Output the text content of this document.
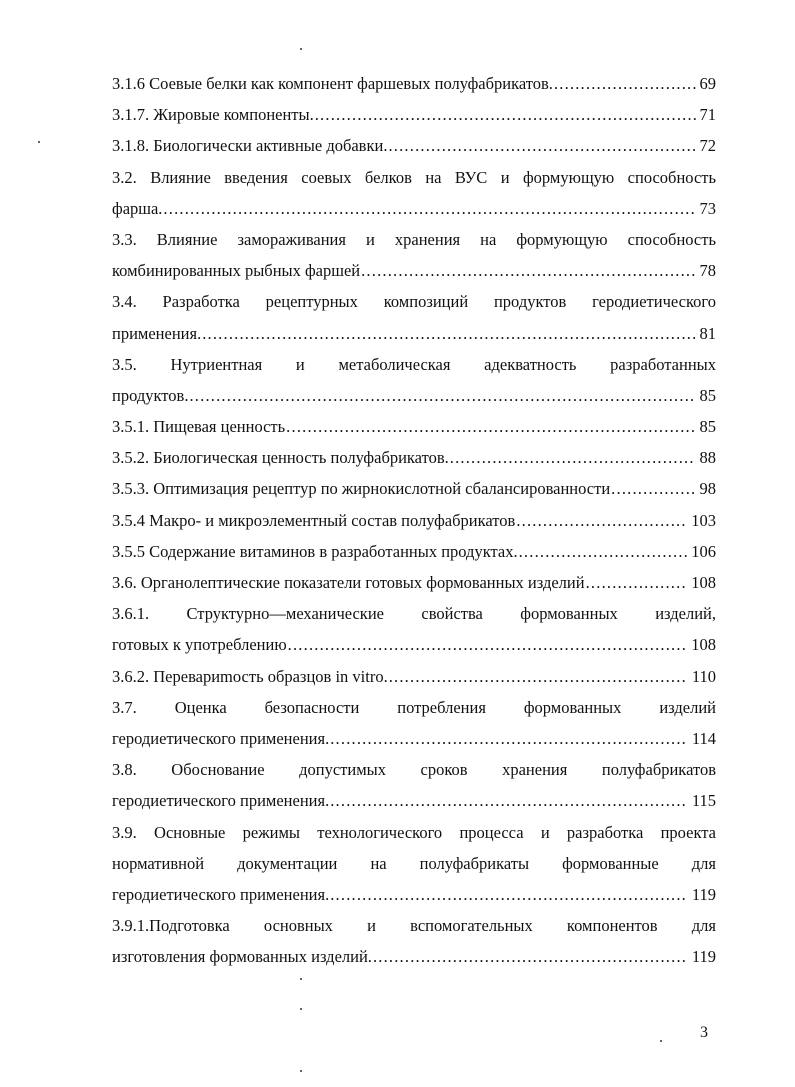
3.1.6 Соевые белки как компонент фаршевых полуфабрикатов. .....	69
3.1.7. Жировые компоненты. .....	71
3.1.8. Биологически активные добавки. .....	72
3.2. Влияние введения соевых белков на ВУС и формующую способность
фарша. .....	73
3.3. Влияние замораживания и хранения на формующую способность
комбинированных рыбных фаршей .....	78
3.4. Разработка рецептурных композиций продуктов геродиетического
применения. .....	81
3.5. Нутриентная и метаболическая адекватность разработанных
продуктов. .....	85
3.5.1. Пищевая ценность .....	85
3.5.2. Биологическая ценность полуфабрикатов. .....	88
3.5.3. Оптимизация рецептур по жирнокислотной сбалансированности .....	98
3.5.4 Макро- и микроэлементный состав полуфабрикатов .....	103
3.5.5 Содержание витаминов в разработанных продуктах. .....	106
3.6. Органолептические показатели готовых формованных изделий .....	108
3.6.1. Структурно—механические свойства формованных изделий,
готовых к употреблению .....	108
3.6.2. Перевариmость образцов in vitro. .....	110
3.7. Оценка безопасности потребления формованных изделий
геродиетического применения. .....	114
3.8. Обоснование допустимых сроков хранения полуфабрикатов
геродиетического применения. .....	115
3.9. Основные режимы технологического процесса и разработка проекта
нормативной документации на полуфабрикаты формованные для
геродиетического применения. .....	119
3.9.1.Подготовка основных и вспомогательных компонентов для
изготовления формованных изделий. .....	119
3
